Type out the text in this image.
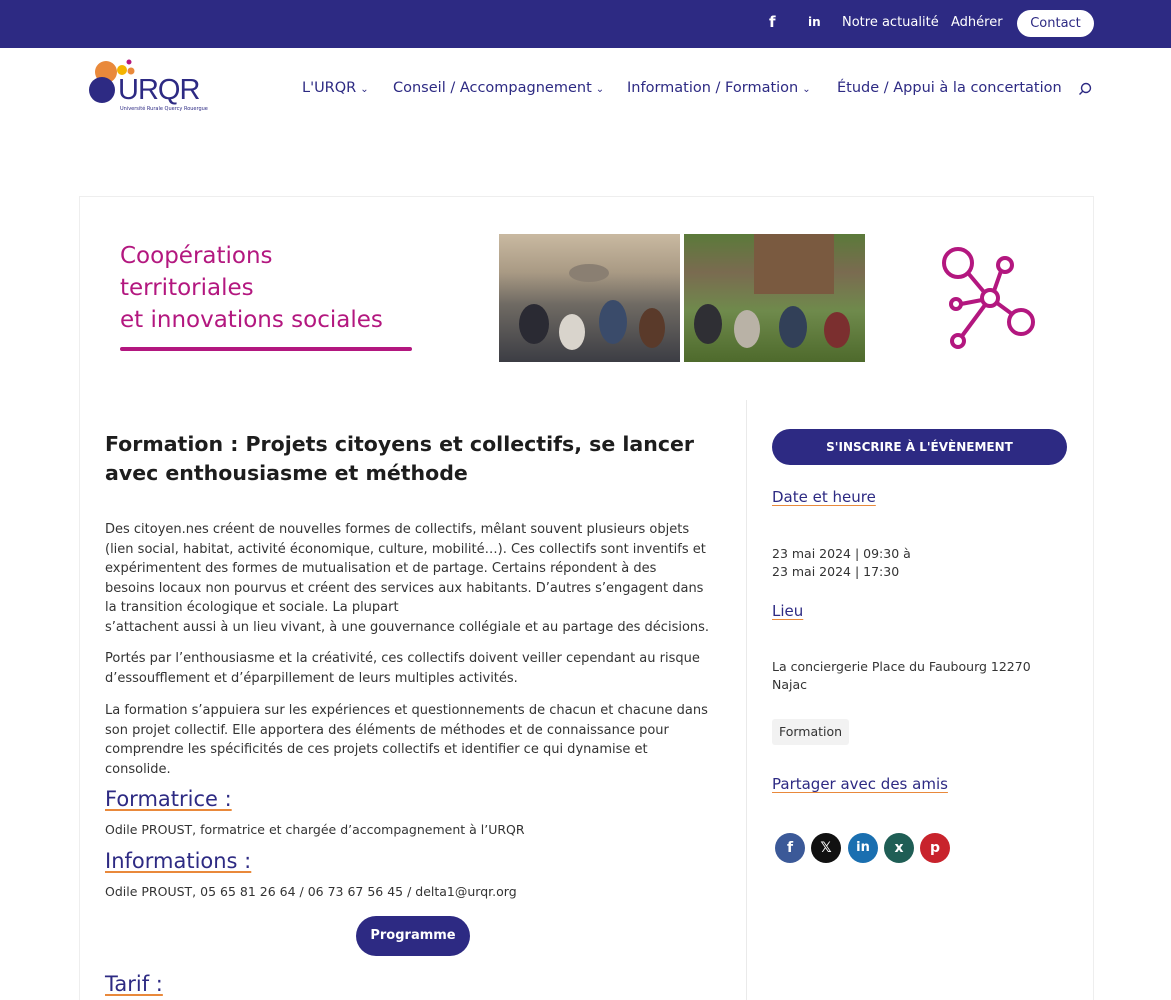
f	in Notre actualité Adhérer	Contact
URQR
Université Rurale Quercy Rouergue
L'URQR ⌄ Conseil / Accompagnement ⌄ Information / Formation ⌄ Étude / Appui à la concertation
Coopérations
territoriales
et innovations sociales
Formation : Projets citoyens et collectifs, se lancer avec enthousiasme et méthode
Des citoyen.nes créent de nouvelles formes de collectifs, mêlant souvent plusieurs objets
(lien social, habitat, activité économique, culture, mobilité…). Ces collectifs sont inventifs et
expérimentent des formes de mutualisation et de partage. Certains répondent à des
besoins locaux non pourvus et créent des services aux habitants. D’autres s’engagent dans
la transition écologique et sociale. La plupart
s’attachent aussi à un lieu vivant, à une gouvernance collégiale et au partage des décisions.
Portés par l’enthousiasme et la créativité, ces collectifs doivent veiller cependant au risque
d’essoufflement et d’éparpillement de leurs multiples activités.
La formation s’appuiera sur les expériences et questionnements de chacun et chacune dans
son projet collectif. Elle apportera des éléments de méthodes et de connaissance pour
comprendre les spécificités de ces projets collectifs et identifier ce qui dynamise et
consolide.
Formatrice :
Odile PROUST, formatrice et chargée d’accompagnement à l’URQR
Informations :
Odile PROUST, 05 65 81 26 64 / 06 73 67 56 45 / delta1@urqr.org
Programme
Tarif :
S'INSCRIRE À L'ÉVÈNEMENT
Date et heure
23 mai 2024 | 09:30 à
23 mai 2024 | 17:30
Lieu
La conciergerie Place du Faubourg 12270
Najac
Formation
Partager avec des amis
f	𝕏	in	x	p
